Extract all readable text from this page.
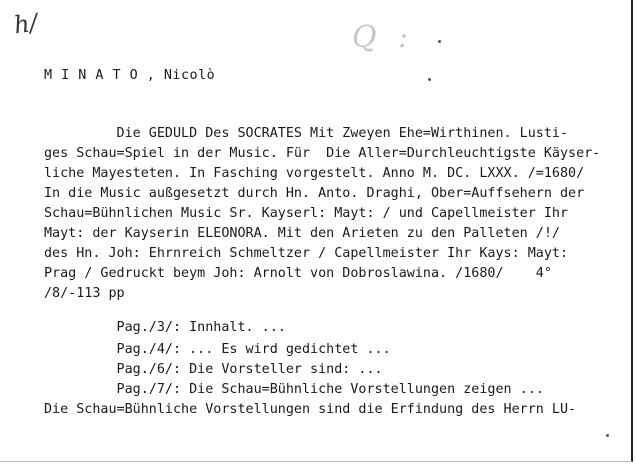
h/	Q :
M I N A T O , Nicolò
Die GEDULD Des SOCRATES Mit Zweyen Ehe=Wirthinen. Lusti-
ges Schau=Spiel in der Music. Für  Die Aller=Durchleuchtigste Käyser-
liche Mayesteten. In Fasching vorgestelt. Anno M. DC. LXXX. /=1680/
In die Music außgesetzt durch Hn. Anto. Draghi, Ober=Auffsehern der
Schau=Bühnlichen Music Sr. Kayserl: Mayt: / und Capellmeister Ihr
Mayt: der Kayserin ELEONORA. Mit den Arieten zu den Palleten /!/
des Hn. Joh: Ehrnreich Schmeltzer / Capellmeister Ihr Kays: Mayt:
Prag / Gedruckt beym Joh: Arnolt von Dobroslawina. /1680/    4°
/8/-113 pp
Pag./3/: Innhalt. ...
Pag./4/: ... Es wird gedichtet ...
Pag./6/: Die Vorsteller sind: ...
Pag./7/: Die Schau=Bühnliche Vorstellungen zeigen ...
Die Schau=Bühnliche Vorstellungen sind die Erfindung des Herrn LU-
